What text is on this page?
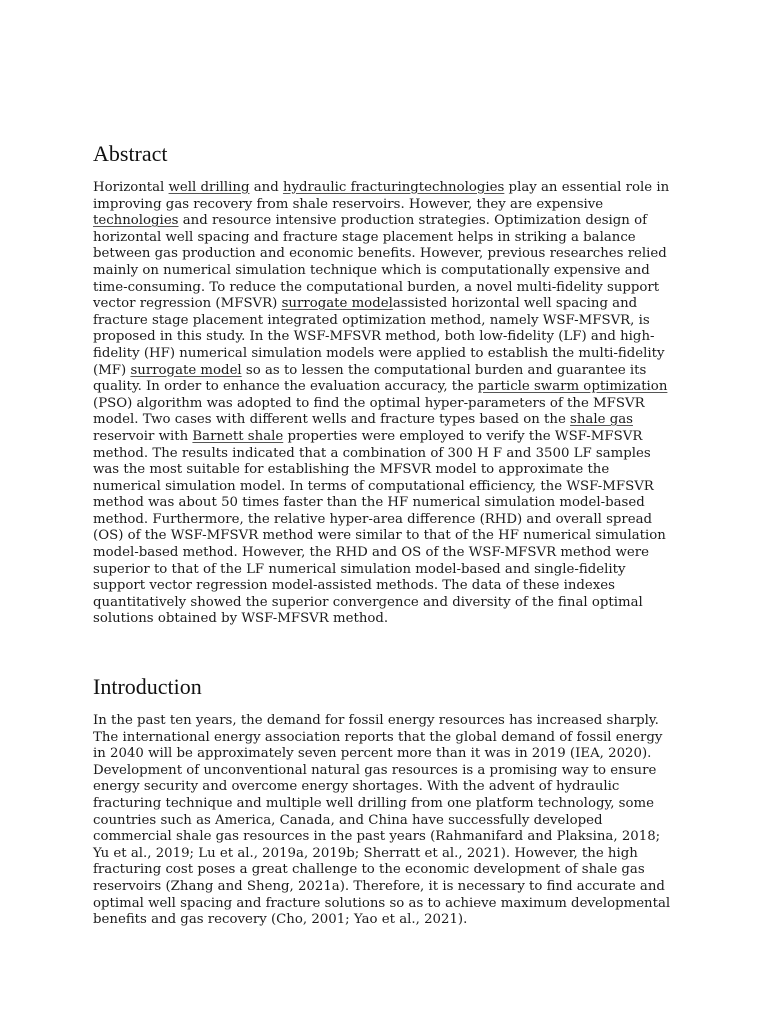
Abstract

Horizontal well drilling and hydraulic fracturingtechnologies play an essential role in improving gas recovery from shale reservoirs. However, they are expensive technologies and resource intensive production strategies. Optimization design of horizontal well spacing and fracture stage placement helps in striking a balance between gas production and economic benefits. However, previous researches relied mainly on numerical simulation technique which is computationally expensive and time-consuming. To reduce the computational burden, a novel multi-fidelity support vector regression (MFSVR) surrogate modelassisted horizontal well spacing and fracture stage placement integrated optimization method, namely WSF-MFSVR, is proposed in this study. In the WSF-MFSVR method, both low-fidelity (LF) and high-fidelity (HF) numerical simulation models were applied to establish the multi-fidelity (MF) surrogate model so as to lessen the computational burden and guarantee its quality. In order to enhance the evaluation accuracy, the particle swarm optimization (PSO) algorithm was adopted to find the optimal hyper-parameters of the MFSVR model. Two cases with different wells and fracture types based on the shale gas reservoir with Barnett shale properties were employed to verify the WSF-MFSVR method. The results indicated that a combination of 300 H F and 3500 LF samples was the most suitable for establishing the MFSVR model to approximate the numerical simulation model. In terms of computational efficiency, the WSF-MFSVR method was about 50 times faster than the HF numerical simulation model-based method. Furthermore, the relative hyper-area difference (RHD) and overall spread (OS) of the WSF-MFSVR method were similar to that of the HF numerical simulation model-based method. However, the RHD and OS of the WSF-MFSVR method were superior to that of the LF numerical simulation model-based and single-fidelity support vector regression model-assisted methods. The data of these indexes quantitatively showed the superior convergence and diversity of the final optimal solutions obtained by WSF-MFSVR method.

Introduction

In the past ten years, the demand for fossil energy resources has increased sharply. The international energy association reports that the global demand of fossil energy in 2040 will be approximately seven percent more than it was in 2019 (IEA, 2020). Development of unconventional natural gas resources is a promising way to ensure energy security and overcome energy shortages. With the advent of hydraulic fracturing technique and multiple well drilling from one platform technology, some countries such as America, Canada, and China have successfully developed commercial shale gas resources in the past years (Rahmanifard and Plaksina, 2018; Yu et al., 2019; Lu et al., 2019a, 2019b; Sherratt et al., 2021). However, the high fracturing cost poses a great challenge to the economic development of shale gas reservoirs (Zhang and Sheng, 2021a). Therefore, it is necessary to find accurate and optimal well spacing and fracture solutions so as to achieve maximum developmental benefits and gas recovery (Cho, 2001; Yao et al., 2021).
